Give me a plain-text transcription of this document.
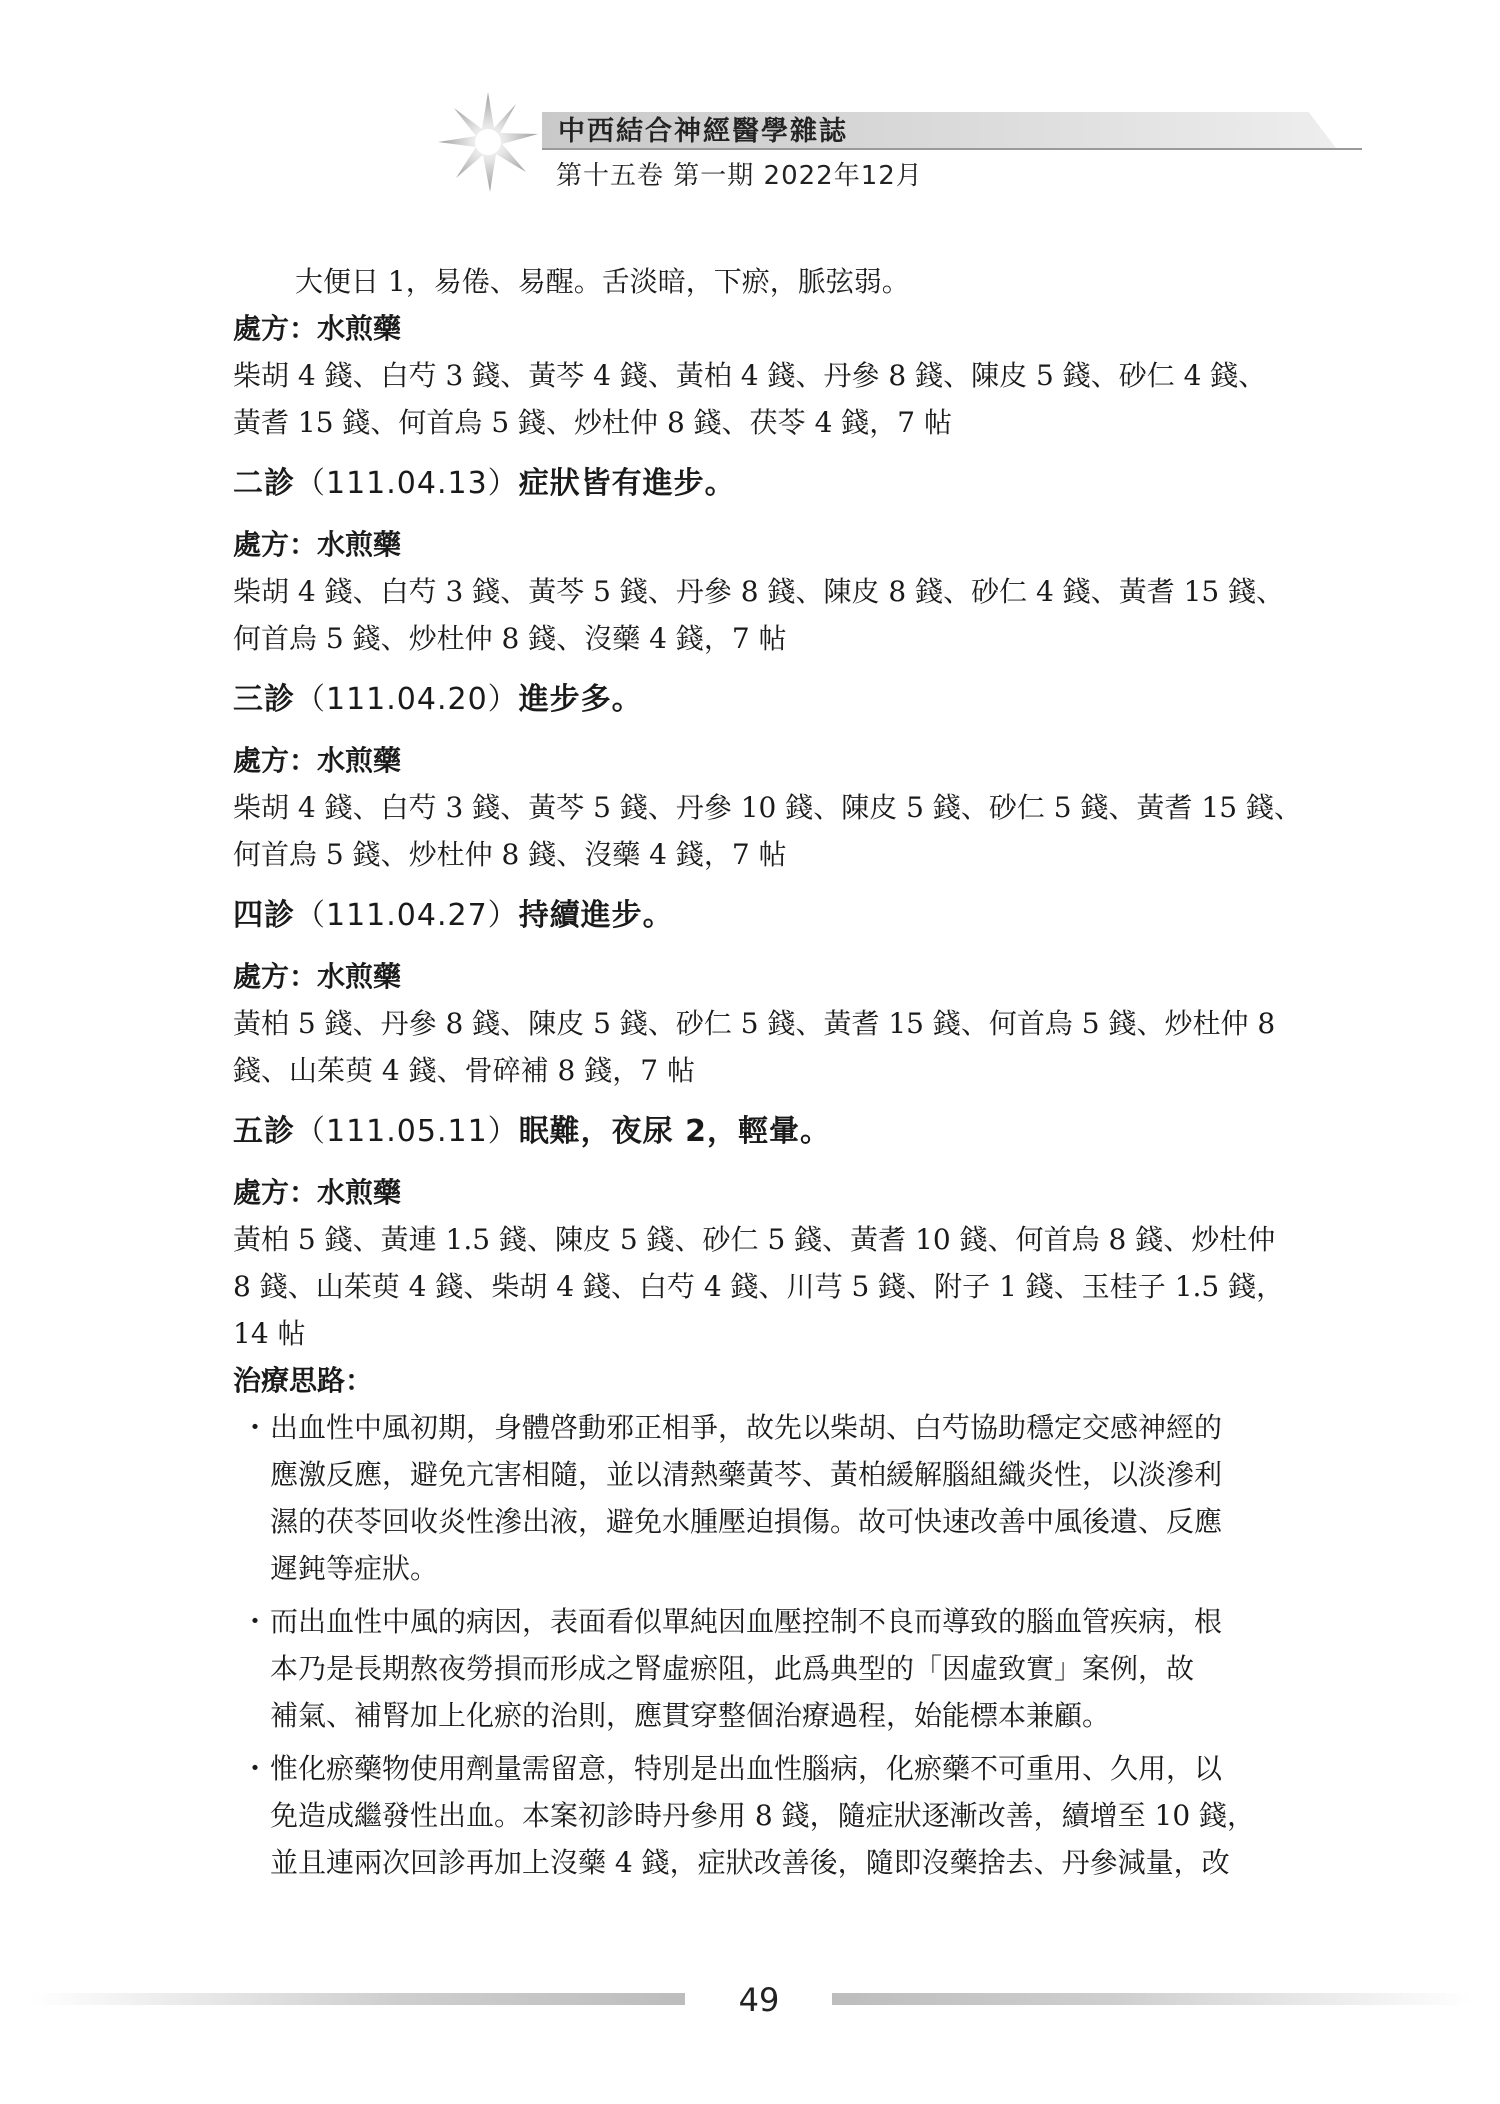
中西結合神經醫學雜誌
第十五卷 第一期 2022年12月

大便日 1，易倦、易醒。舌淡暗，下瘀，脈弦弱。

處方：水煎藥

柴胡 4 錢、白芍 3 錢、黃芩 4 錢、黃柏 4 錢、丹參 8 錢、陳皮 5 錢、砂仁 4 錢、

黃耆 15 錢、何首烏 5 錢、炒杜仲 8 錢、茯苓 4 錢，7 帖

二診（111.04.13）症狀皆有進步。

處方：水煎藥

柴胡 4 錢、白芍 3 錢、黃芩 5 錢、丹參 8 錢、陳皮 8 錢、砂仁 4 錢、黃耆 15 錢、

何首烏 5 錢、炒杜仲 8 錢、沒藥 4 錢，7 帖

三診（111.04.20）進步多。

處方：水煎藥

柴胡 4 錢、白芍 3 錢、黃芩 5 錢、丹參 10 錢、陳皮 5 錢、砂仁 5 錢、黃耆 15 錢、

何首烏 5 錢、炒杜仲 8 錢、沒藥 4 錢，7 帖

四診（111.04.27）持續進步。

處方：水煎藥

黃柏 5 錢、丹參 8 錢、陳皮 5 錢、砂仁 5 錢、黃耆 15 錢、何首烏 5 錢、炒杜仲 8

錢、山茱萸 4 錢、骨碎補 8 錢，7 帖

五診（111.05.11）眠難，夜尿 2，輕暈。

處方：水煎藥

黃柏 5 錢、黃連 1.5 錢、陳皮 5 錢、砂仁 5 錢、黃耆 10 錢、何首烏 8 錢、炒杜仲

8 錢、山茱萸 4 錢、柴胡 4 錢、白芍 4 錢、川芎 5 錢、附子 1 錢、玉桂子 1.5 錢，

14 帖

治療思路：

・ 出血性中風初期，身體啓動邪正相爭，故先以柴胡、白芍協助穩定交感神經的
應激反應，避免亢害相隨，並以清熱藥黃芩、黃柏緩解腦組織炎性，以淡滲利
濕的茯苓回收炎性滲出液，避免水腫壓迫損傷。故可快速改善中風後遺、反應
遲鈍等症狀。
・ 而出血性中風的病因，表面看似單純因血壓控制不良而導致的腦血管疾病，根
本乃是長期熬夜勞損而形成之腎虛瘀阻，此爲典型的「因虛致實」案例，故
補氣、補腎加上化瘀的治則，應貫穿整個治療過程，始能標本兼顧。
・ 惟化瘀藥物使用劑量需留意，特別是出血性腦病，化瘀藥不可重用、久用，以
免造成繼發性出血。本案初診時丹參用 8 錢，隨症狀逐漸改善，續增至 10 錢，
並且連兩次回診再加上沒藥 4 錢，症狀改善後，隨即沒藥捨去、丹參減量，改
49
